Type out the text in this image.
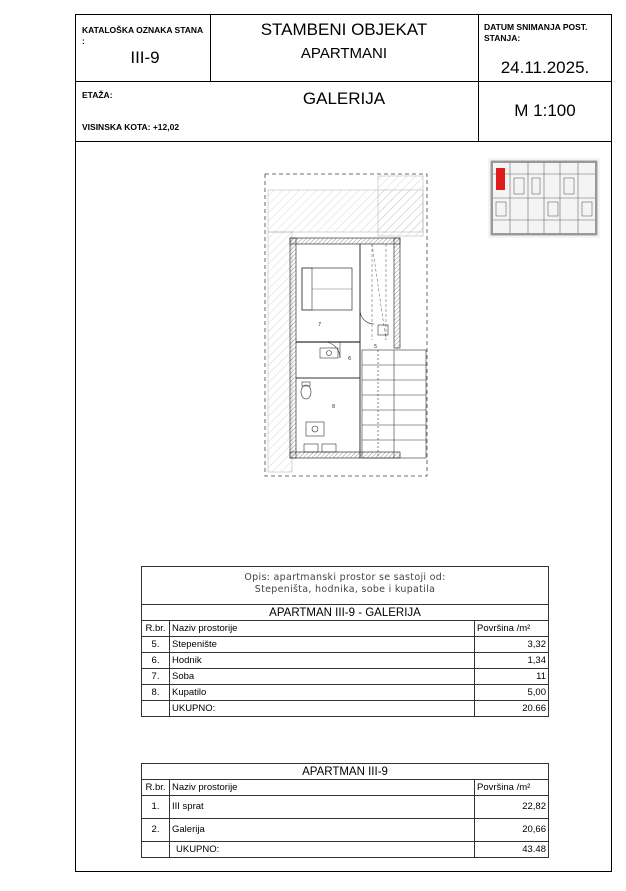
KATALOŠKA OZNAKA STANA :
III-9
STAMBENI OBJEKAT
APARTMANI
DATUM SNIMANJA POST. STANJA:
24.11.2025.
ETAŽA:
VISINSKA KOTA: +12,02
GALERIJA
M 1:100
7
6
5
8
Opis: apartmanski prostor se sastoji od:
Stepeništa, hodnika, sobe i kupatila
APARTMAN III-9 - GALERIJA		
R.br.	Naziv prostorije	Površina /m²
5.	Stepenište	3,32
6.	Hodnik	1,34
7.	Soba	11
8.	Kupatilo	5,00
	UKUPNO:	20.66
APARTMAN III-9		
R.br.	Naziv prostorije	Površina /m²
1.	III sprat	22,82
2.	Galerija	20,66
	UKUPNO:	43.48
